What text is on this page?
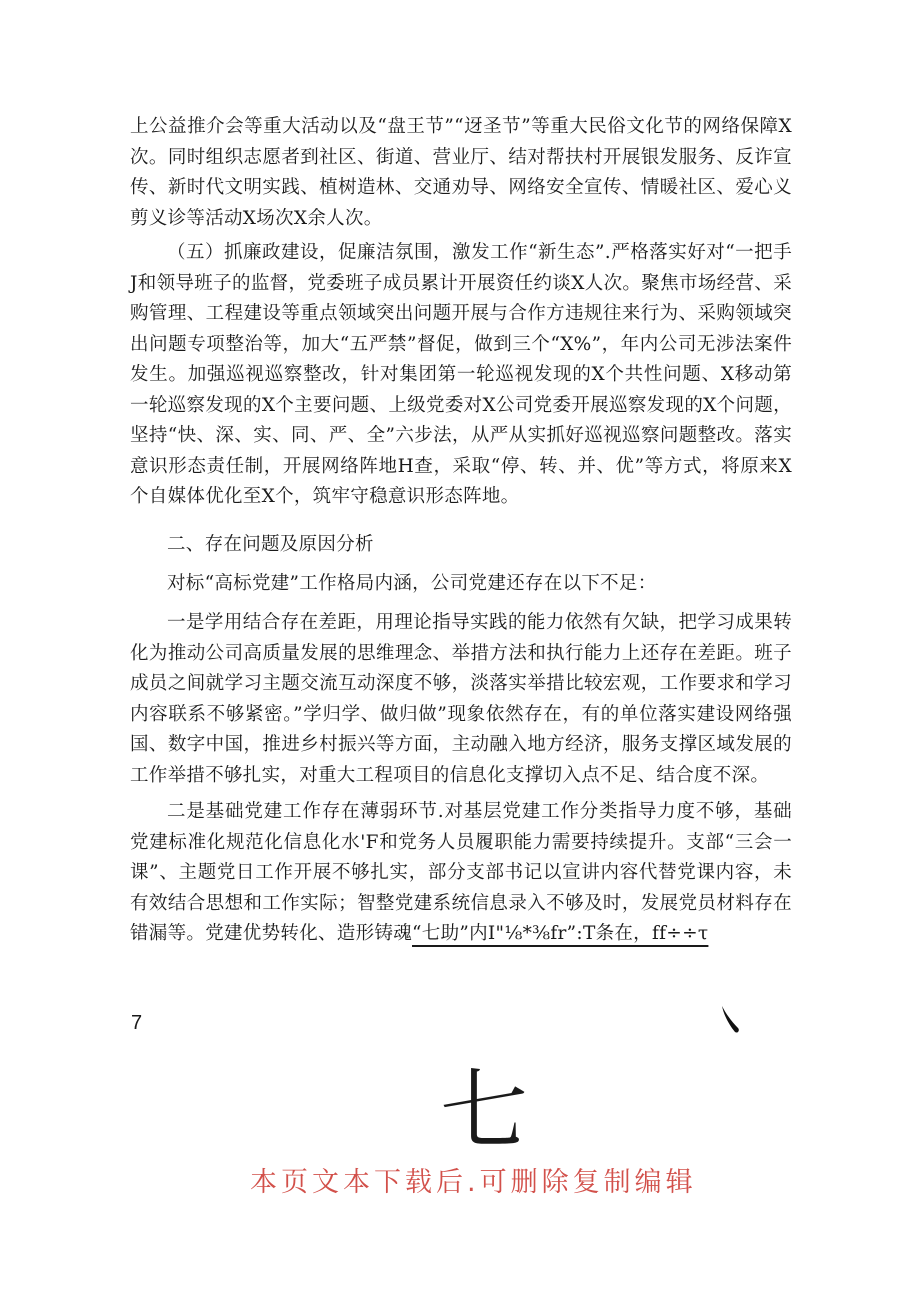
上公益推介会等重大活动以及“盘王节”“迓圣节”等重大民俗文化节的网络保障X次。同时组织志愿者到社区、街道、营业厅、结对帮扶村开展银发服务、反诈宣传、新时代文明实践、植树造林、交通劝导、网络安全宣传、情暖社区、爱心义剪义诊等活动X场次X余人次。

（五）抓廉政建设，促廉洁氛围，激发工作“新生态”.严格落实好对“一把手J和领导班子的监督，党委班子成员累计开展资任约谈X人次。聚焦市场经营、采购管理、工程建设等重点领域突出问题开展与合作方违规往来行为、采购领域突出问题专项整治等，加大“五严禁”督促，做到三个“X%”，年内公司无涉法案件发生。加强巡视巡察整改，针对集团第一轮巡视发现的X个共性问题、X移动第一轮巡察发现的X个主要问题、上级党委对X公司党委开展巡察发现的X个问题，坚持“快、深、实、同、严、全”六步法，从严从实抓好巡视巡察问题整改。落实意识形态责任制，开展网络阵地H查，采取“停、转、并、优”等方式，将原来X个自媒体优化至X个，筑牢守稳意识形态阵地。

二、存在问题及原因分析

对标“高标党建”工作格局内涵，公司党建还存在以下不足：

一是学用结合存在差距，用理论指导实践的能力依然有欠缺，把学习成果转化为推动公司高质量发展的思维理念、举措方法和执行能力上还存在差距。班子成员之间就学习主题交流互动深度不够，淡落实举措比较宏观，工作要求和学习内容联系不够紧密。”学归学、做归做”现象依然存在，有的单位落实建设网络强国、数字中国，推进乡村振兴等方面，主动融入地方经济，服务支撑区域发展的工作举措不够扎实，对重大工程项目的信息化支撑切入点不足、结合度不深。

二是基础党建工作存在薄弱环节.对基层党建工作分类指导力度不够，基础党建标准化规范化信息化水'F和党务人员履职能力需要持续提升。支部“三会一课”、主题党日工作开展不够扎实，部分支部书记以宣讲内容代替党课内容，未有效结合思想和工作实际；智整党建系统信息录入不够及时，发展党员材料存在错漏等。党建优势转化、造形铸魂“七助”内I"⅛*⅜fr”:T条在，ff÷÷τ

7
七
本页文本下载后.可删除复制编辑
